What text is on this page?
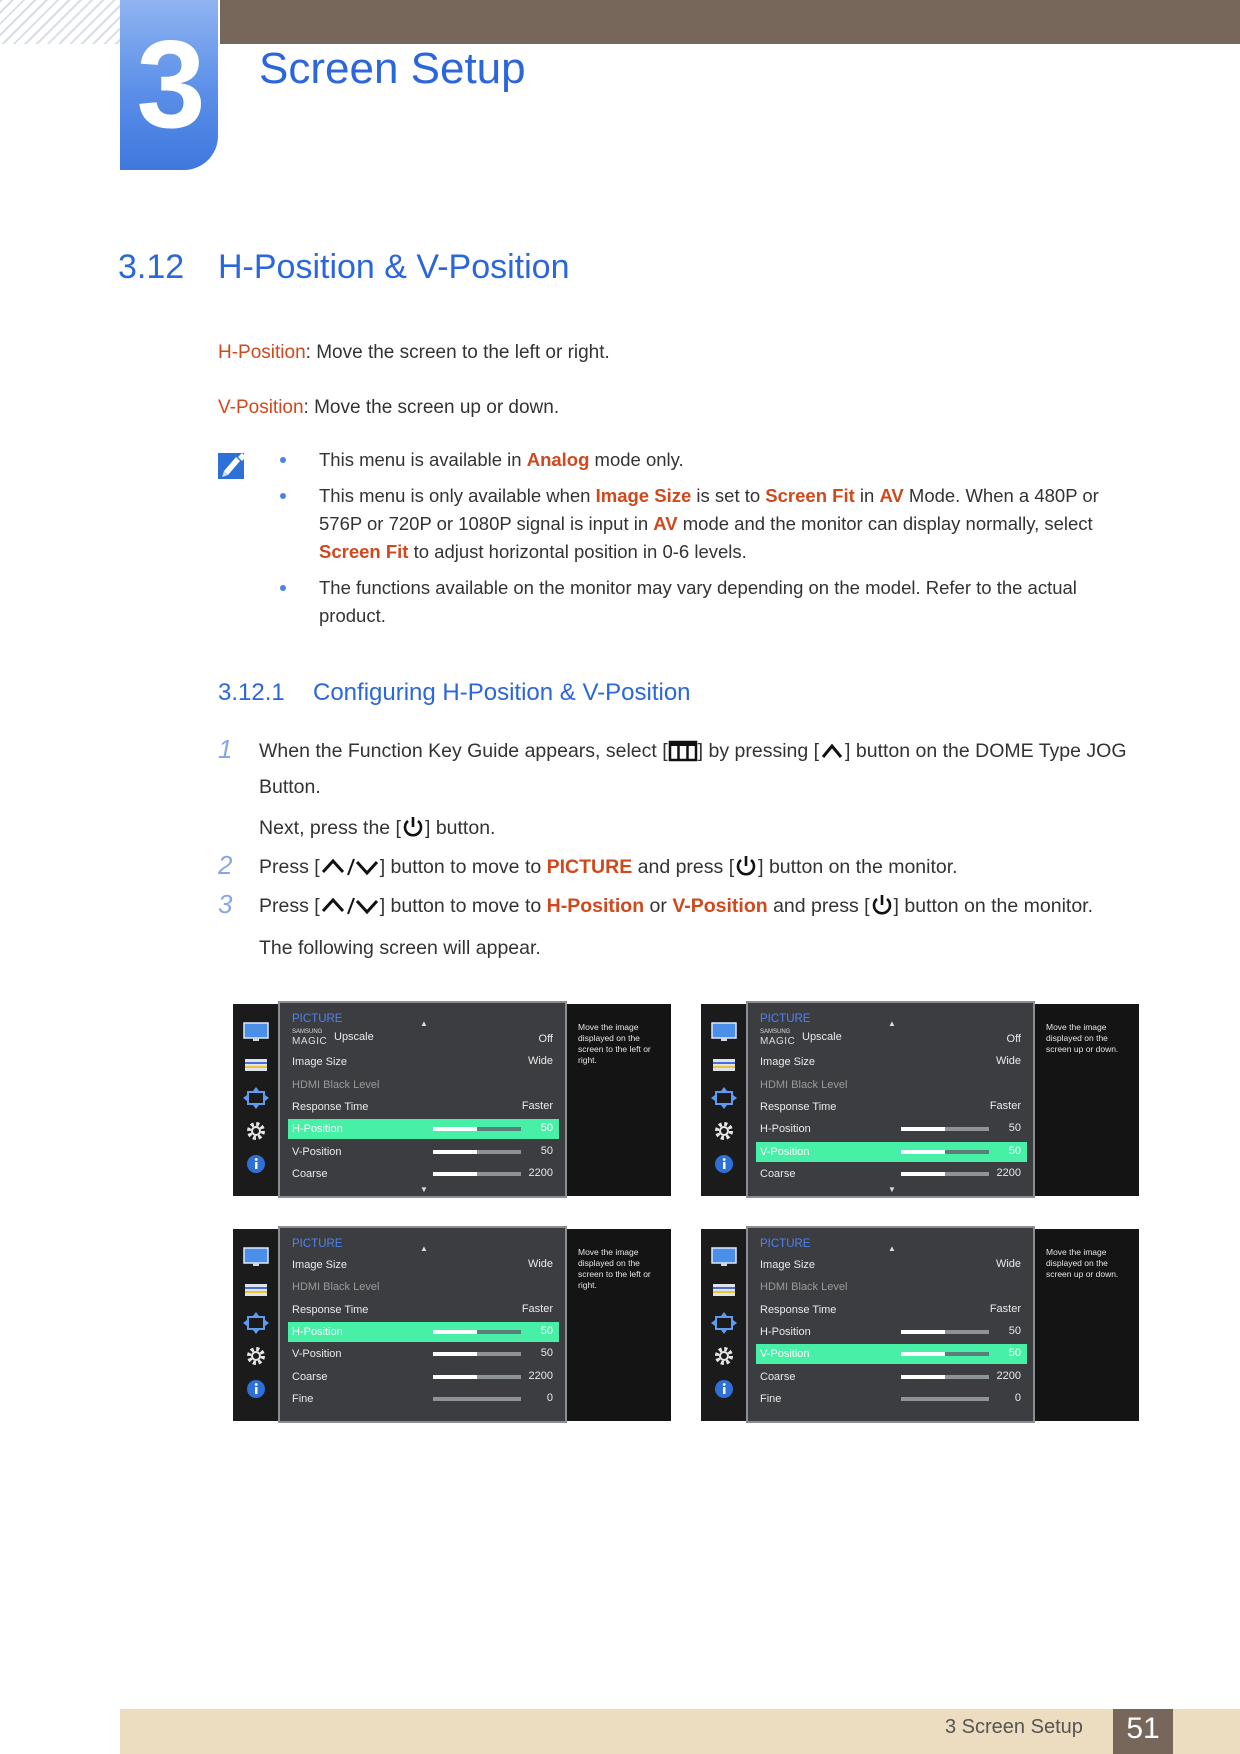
3	Screen Setup
3.12 H-Position & V-Position
H-Position: Move the screen to the left or right.
V-Position: Move the screen up or down.
This menu is available in Analog mode only.
This menu is only available when Image Size is set to Screen Fit in AV Mode. When a 480P or 576P or 720P or 1080P signal is input in AV mode and the monitor can display normally, select Screen Fit to adjust horizontal position in 0-6 levels.
The functions available on the monitor may vary depending on the model. Refer to the actual product.
3.12.1 Configuring H-Position & V-Position
1 When the Function Key Guide appears, select [ ] by pressing [ ] button on the DOME Type JOG Button.
Next, press the [ ] button.
2 Press [	] button to move to PICTURE and press [ ] button on the monitor.
3 Press [	] button to move to H-Position or V-Position and press [ ] button on the monitor.
The following screen will appear.
PICTURE	▲
SAMSUNG
MAGIC Upscale	Off
Image Size	Wide
HDMI Black Level
Response Time	Faster
H-Position	50
V-Position	50
Coarse	2200
▼
Move the image displayed on the screen to the left or right.
PICTURE	▲
SAMSUNG
MAGIC Upscale	Off
Image Size	Wide
HDMI Black Level
Response Time	Faster
H-Position	50
V-Position	50
Coarse	2200
▼
Move the image displayed on the screen up or down.
PICTURE	▲
Image Size	Wide
HDMI Black Level
Response Time	Faster
H-Position	50
V-Position	50
Coarse	2200
Fine	0
Move the image displayed on the screen to the left or right.
PICTURE	▲
Image Size	Wide
HDMI Black Level
Response Time	Faster
H-Position	50
V-Position	50
Coarse	2200
Fine	0
Move the image displayed on the screen up or down.
3 Screen Setup	51
